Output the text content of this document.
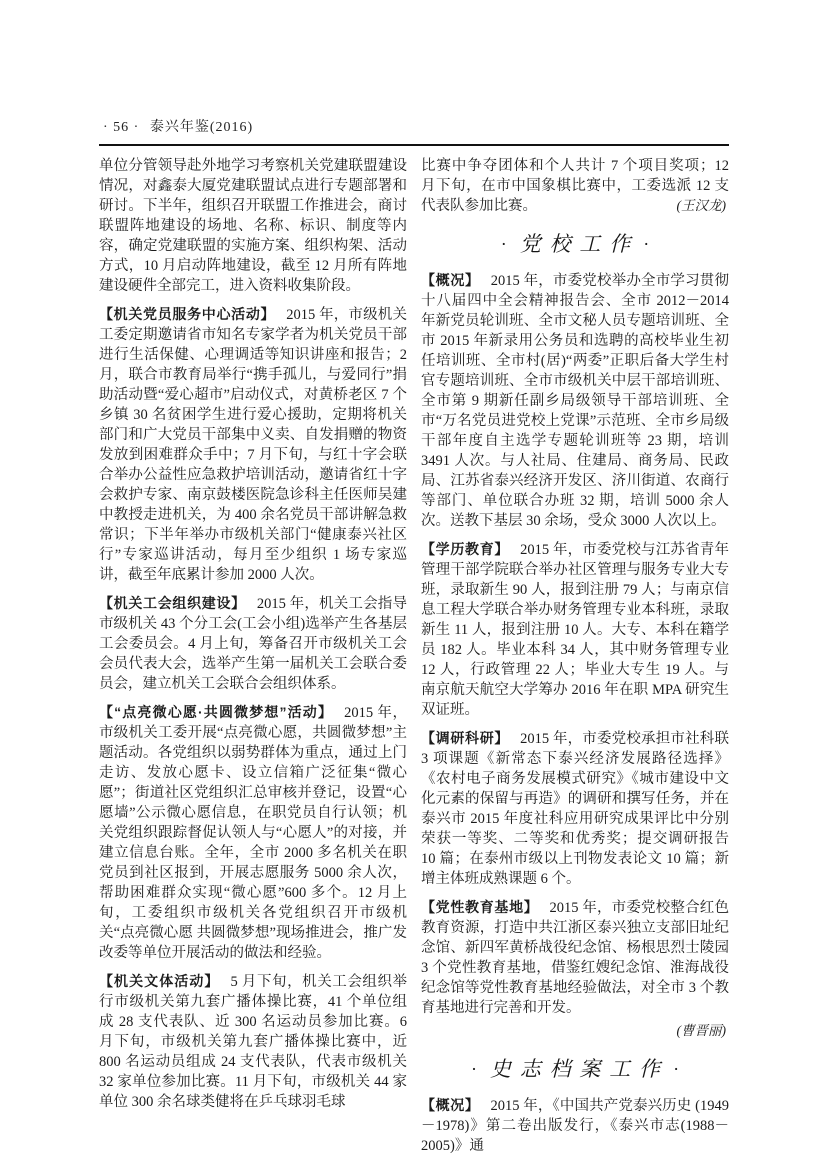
· 56 · 泰兴年鉴(2016)

单位分管领导赴外地学习考察机关党建联盟建设情况，对鑫泰大厦党建联盟试点进行专题部署和研讨。下半年，组织召开联盟工作推进会，商讨联盟阵地建设的场地、名称、标识、制度等内容，确定党建联盟的实施方案、组织构架、活动方式，10 月启动阵地建设，截至 12 月所有阵地建设硬件全部完工，进入资料收集阶段。

【机关党员服务中心活动】 2015 年，市级机关工委定期邀请省市知名专家学者为机关党员干部进行生活保健、心理调适等知识讲座和报告；2 月，联合市教育局举行“携手孤儿，与爱同行”捐助活动暨“爱心超市”启动仪式，对黄桥老区 7 个乡镇 30 名贫困学生进行爱心援助，定期将机关部门和广大党员干部集中义卖、自发捐赠的物资发放到困难群众手中；7 月下旬，与红十字会联合举办公益性应急救护培训活动，邀请省红十字会救护专家、南京鼓楼医院急诊科主任医师吴建中教授走进机关，为 400 余名党员干部讲解急救常识；下半年举办市级机关部门“健康泰兴社区行”专家巡讲活动，每月至少组织 1 场专家巡讲，截至年底累计参加 2000 人次。

【机关工会组织建设】 2015 年，机关工会指导市级机关 43 个分工会(工会小组)选举产生各基层工会委员会。4 月上旬，筹备召开市级机关工会会员代表大会，选举产生第一届机关工会联合委员会，建立机关工会联合会组织体系。

【“点亮微心愿·共圆微梦想”活动】 2015 年，市级机关工委开展“点亮微心愿，共圆微梦想”主题活动。各党组织以弱势群体为重点，通过上门走访、发放心愿卡、设立信箱广泛征集“微心愿”；街道社区党组织汇总审核并登记，设置“心愿墙”公示微心愿信息，在职党员自行认领；机关党组织跟踪督促认领人与“心愿人”的对接，并建立信息台账。全年，全市 2000 多名机关在职党员到社区报到，开展志愿服务 5000 余人次，帮助困难群众实现“微心愿”600 多个。12 月上旬，工委组织市级机关各党组织召开市级机关“点亮微心愿 共圆微梦想”现场推进会，推广发改委等单位开展活动的做法和经验。

【机关文体活动】 5 月下旬，机关工会组织举行市级机关第九套广播体操比赛，41 个单位组成 28 支代表队、近 300 名运动员参加比赛。6 月下旬，市级机关第九套广播体操比赛中，近 800 名运动员组成 24 支代表队，代表市级机关 32 家单位参加比赛。11 月下旬，市级机关 44 家单位 300 余名球类健将在乒乓球羽毛球

比赛中争夺团体和个人共计 7 个项目奖项；12 月下旬，在市中国象棋比赛中，工委选派 12 支代表队参加比赛。	(王汉龙)
· 党校工作 ·

【概况】 2015 年，市委党校举办全市学习贯彻十八届四中全会精神报告会、全市 2012－2014 年新党员轮训班、全市文秘人员专题培训班、全市 2015 年新录用公务员和选聘的高校毕业生初任培训班、全市村(居)“两委”正职后备大学生村官专题培训班、全市市级机关中层干部培训班、全市第 9 期新任副乡局级领导干部培训班、全市“万名党员进党校上党课”示范班、全市乡局级干部年度自主选学专题轮训班等 23 期，培训 3491 人次。与人社局、住建局、商务局、民政局、江苏省泰兴经济开发区、济川街道、农商行等部门、单位联合办班 32 期，培训 5000 余人次。送教下基层 30 余场，受众 3000 人次以上。

【学历教育】 2015 年，市委党校与江苏省青年管理干部学院联合举办社区管理与服务专业大专班，录取新生 90 人，报到注册 79 人；与南京信息工程大学联合举办财务管理专业本科班，录取新生 11 人，报到注册 10 人。大专、本科在籍学员 182 人。毕业本科 34 人，其中财务管理专业 12 人，行政管理 22 人；毕业大专生 19 人。与南京航天航空大学筹办 2016 年在职 MPA 研究生双证班。

【调研科研】 2015 年，市委党校承担市社科联 3 项课题《新常态下泰兴经济发展路径选择》《农村电子商务发展模式研究》《城市建设中文化元素的保留与再造》的调研和撰写任务，并在泰兴市 2015 年度社科应用研究成果评比中分别荣获一等奖、二等奖和优秀奖；提交调研报告 10 篇；在泰州市级以上刊物发表论文 10 篇；新增主体班成熟课题 6 个。

【党性教育基地】 2015 年，市委党校整合红色教育资源，打造中共江浙区泰兴独立支部旧址纪念馆、新四军黄桥战役纪念馆、杨根思烈士陵园 3 个党性教育基地，借鉴红嫂纪念馆、淮海战役纪念馆等党性教育基地经验做法，对全市 3 个教育基地进行完善和开发。

(曹晋丽)
· 史志档案工作 ·

【概况】 2015 年，《中国共产党泰兴历史 (1949－1978)》第二卷出版发行，《泰兴市志(1988－2005)》通
